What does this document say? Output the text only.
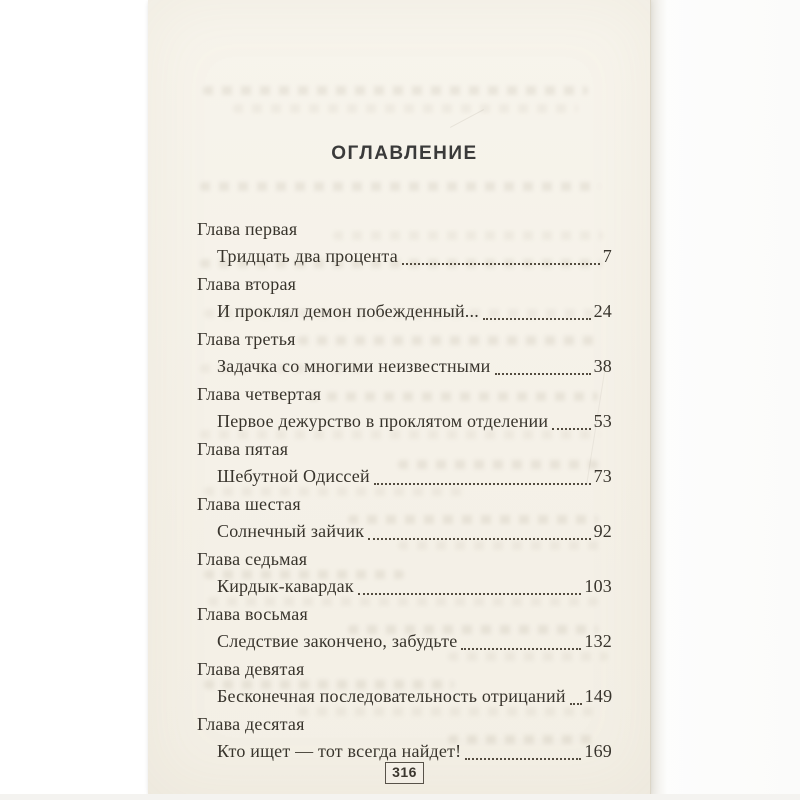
ОГЛАВЛЕНИЕ
Глава первая
Тридцать два процента	7
Глава вторая
И проклял демон побежденный...	24
Глава третья
Задачка со многими неизвестными	38
Глава четвертая
Первое дежурство в проклятом отделении	53
Глава пятая
Шебутной Одиссей	73
Глава шестая
Солнечный зайчик	92
Глава седьмая
Кирдык-кавардак	103
Глава восьмая
Следствие закончено, забудьте	132
Глава девятая
Бесконечная последовательность отрицаний 149
Глава десятая
Кто ищет — тот всегда найдет!	169
316
